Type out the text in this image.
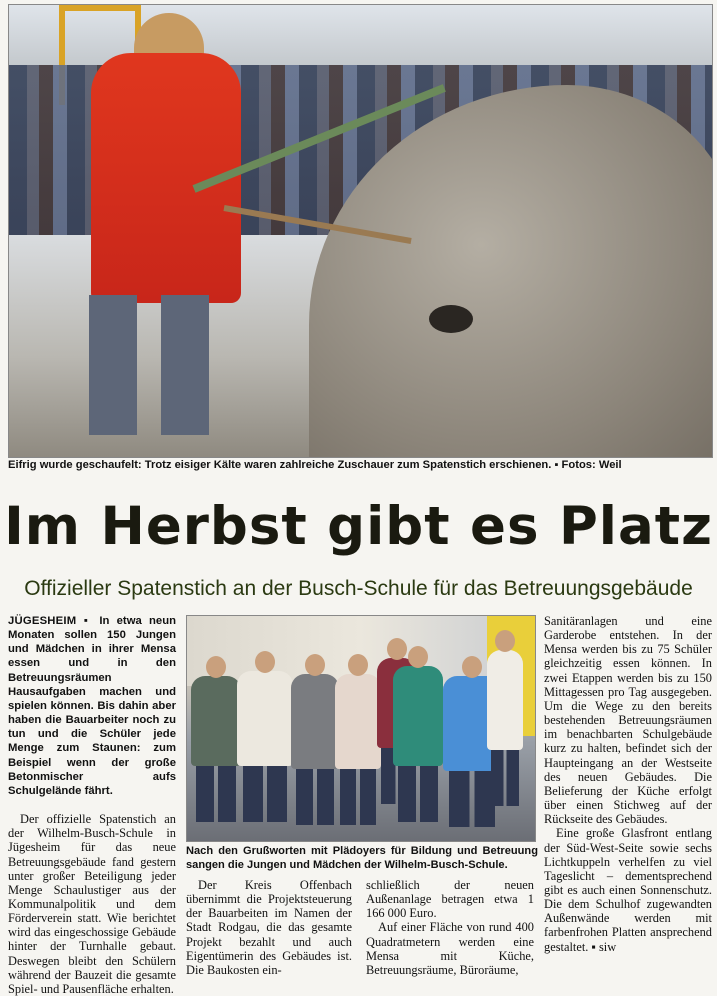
Eifrig wurde geschaufelt: Trotz eisiger Kälte waren zahlreiche Zuschauer zum Spatenstich erschienen. ▪ Fotos: Weil
Im Herbst gibt es Platz
Offizieller Spatenstich an der Busch-Schule für das Betreuungsgebäude

JÜGESHEIM ▪ In etwa neun Monaten sollen 150 Jungen und Mädchen in ihrer Mensa essen und in den Betreuungsräumen Hausaufgaben machen und spielen können. Bis dahin aber haben die Bauarbeiter noch zu tun und die Schüler jede Menge zum Staunen: zum Beispiel wenn der große Betonmischer aufs Schulgelände fährt.

Der offizielle Spatenstich an der Wilhelm-Busch-Schule in Jügesheim für das neue Betreuungsgebäude fand gestern unter großer Beteiligung jeder Menge Schaulustiger aus der Kommunalpolitik und dem Förderverein statt. Wie berichtet wird das eingeschossige Gebäude hinter der Turnhalle gebaut. Deswegen bleibt den Schülern während der Bauzeit die gesamte Spiel- und Pausenfläche erhalten.

Nach den Grußworten mit Plädoyers für Bildung und Betreuung sangen die Jungen und Mädchen der Wilhelm-Busch-Schule.

Der Kreis Offenbach übernimmt die Projektsteuerung der Bauarbeiten im Namen der Stadt Rodgau, die das gesamte Projekt bezahlt und auch Eigentümerin des Gebäudes ist. Die Baukosten ein-

schließlich der neuen Außenanlage betragen etwa 1 166 000 Euro.

Auf einer Fläche von rund 400 Quadratmetern werden eine Mensa mit Küche, Betreuungsräume, Büroräume,

Sanitäranlagen und eine Garderobe entstehen. In der Mensa werden bis zu 75 Schüler gleichzeitig essen können. In zwei Etappen werden bis zu 150 Mittagessen pro Tag ausgegeben. Um die Wege zu den bereits bestehenden Betreuungsräumen im benachbarten Schulgebäude kurz zu halten, befindet sich der Haupteingang an der Westseite des neuen Gebäudes. Die Belieferung der Küche erfolgt über einen Stichweg auf der Rückseite des Gebäudes.

Eine große Glasfront entlang der Süd-West-Seite sowie sechs Lichtkuppeln verhelfen zu viel Tageslicht – dementsprechend gibt es auch einen Sonnenschutz. Die dem Schulhof zugewandten Außenwände werden mit farbenfrohen Platten ansprechend gestaltet. ▪ siw
